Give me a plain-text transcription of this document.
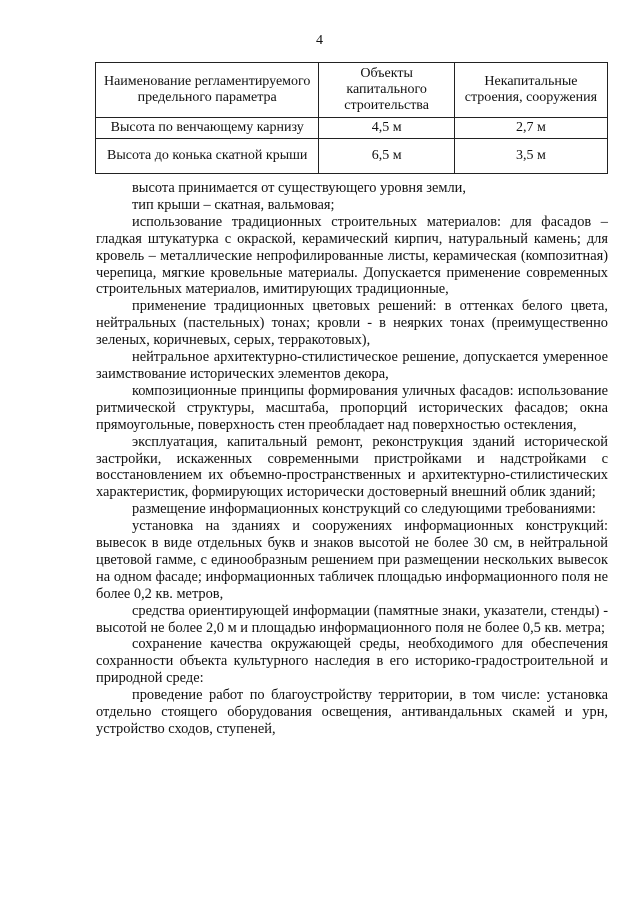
4
Наименование регламентируемого предельного параметра	Объекты капитального строительства	Некапитальные строения, сооружения
Высота по венчающему карнизу	4,5 м	2,7 м
Высота до конька скатной крыши	6,5 м	3,5 м

высота принимается от существующего уровня земли,

тип крыши – скатная, вальмовая;

использование традиционных строительных материалов: для фасадов – гладкая штукатурка с окраской, керамический кирпич, натуральный камень; для кровель – металлические непрофилированные листы, керамическая (композитная) черепица, мягкие кровельные материалы. Допускается применение современных строительных материалов, имитирующих традиционные,

применение традиционных цветовых решений: в оттенках белого цвета, нейтральных (пастельных) тонах; кровли - в неярких тонах (преимущественно зеленых, коричневых, серых, терракотовых),

нейтральное архитектурно-стилистическое решение, допускается умеренное заимствование исторических элементов декора,

композиционные принципы формирования уличных фасадов: использование ритмической структуры, масштаба, пропорций исторических фасадов; окна прямоугольные, поверхность стен преобладает над поверхностью остекления,

эксплуатация, капитальный ремонт, реконструкция зданий исторической застройки, искаженных современными пристройками и надстройками с восстановлением их объемно-пространственных и архитектурно-стилистических характеристик, формирующих исторически достоверный внешний облик зданий;

размещение информационных конструкций со следующими требованиями:

установка на зданиях и сооружениях информационных конструкций: вывесок в виде отдельных букв и знаков высотой не более 30 см, в нейтральной цветовой гамме, с единообразным решением при размещении нескольких вывесок на одном фасаде; информационных табличек площадью информационного поля не более 0,2 кв. метров,

средства ориентирующей информации (памятные знаки, указатели, стенды) - высотой не более 2,0 м и площадью информационного поля не более 0,5 кв. метра;

сохранение качества окружающей среды, необходимого для обеспечения сохранности объекта культурного наследия в его историко-градостроительной и природной среде:

проведение работ по благоустройству территории, в том числе: установка отдельно стоящего оборудования освещения, антивандальных скамей и урн, устройство сходов, ступеней,
